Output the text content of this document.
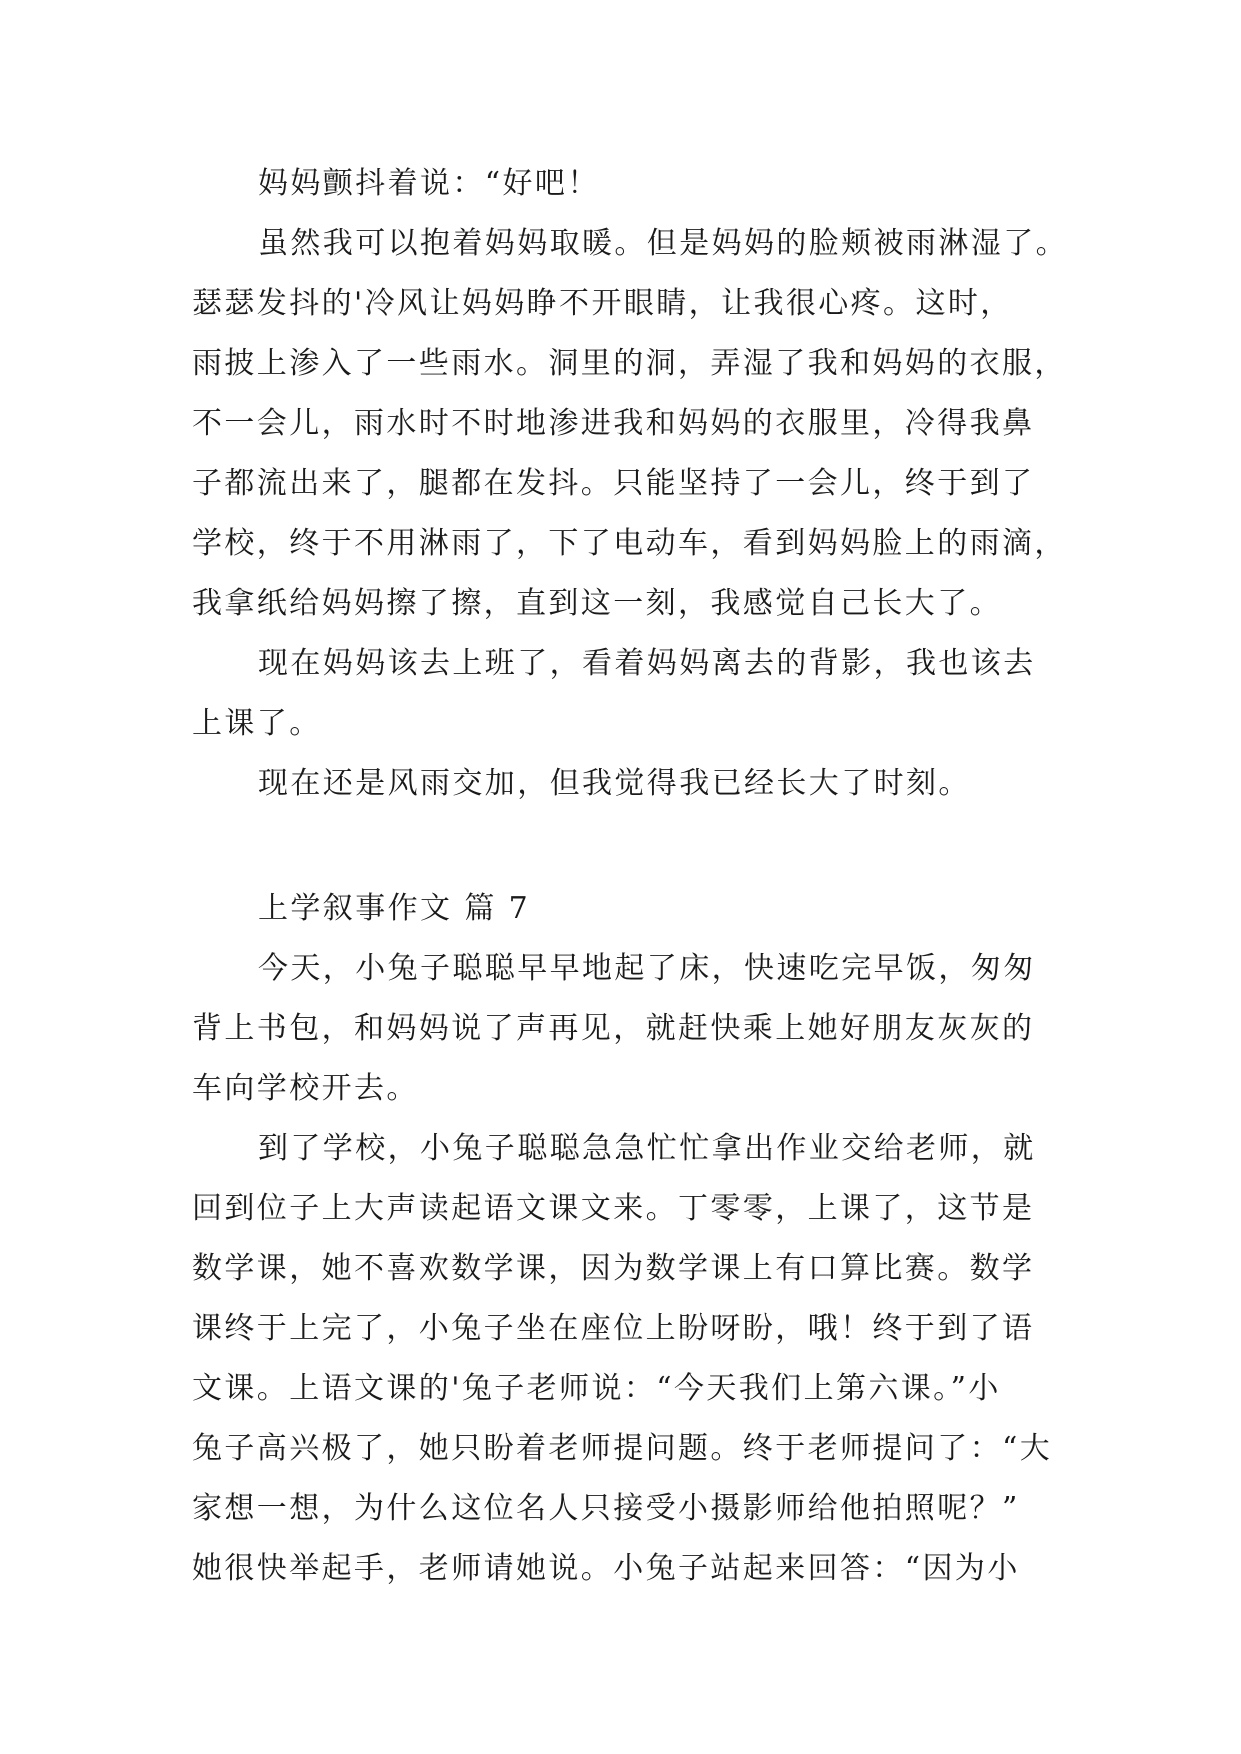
妈妈颤抖着说：“好吧！

虽然我可以抱着妈妈取暖。但是妈妈的脸颊被雨淋湿了。

瑟瑟发抖的'冷风让妈妈睁不开眼睛，让我很心疼。这时，

雨披上渗入了一些雨水。洞里的洞，弄湿了我和妈妈的衣服，

不一会儿，雨水时不时地渗进我和妈妈的衣服里，冷得我鼻

子都流出来了，腿都在发抖。只能坚持了一会儿，终于到了

学校，终于不用淋雨了，下了电动车，看到妈妈脸上的雨滴，

我拿纸给妈妈擦了擦，直到这一刻，我感觉自己长大了。

现在妈妈该去上班了，看着妈妈离去的背影，我也该去

上课了。

现在还是风雨交加，但我觉得我已经长大了时刻。

上学叙事作文 篇 7

今天，小兔子聪聪早早地起了床，快速吃完早饭，匆匆

背上书包，和妈妈说了声再见，就赶快乘上她好朋友灰灰的

车向学校开去。

到了学校，小兔子聪聪急急忙忙拿出作业交给老师，就

回到位子上大声读起语文课文来。丁零零，上课了，这节是

数学课，她不喜欢数学课，因为数学课上有口算比赛。数学

课终于上完了，小兔子坐在座位上盼呀盼，哦！终于到了语

文课。上语文课的'兔子老师说：“今天我们上第六课。”小

兔子高兴极了，她只盼着老师提问题。终于老师提问了：“大

家想一想，为什么这位名人只接受小摄影师给他拍照呢？”

她很快举起手，老师请她说。小兔子站起来回答：“因为小
